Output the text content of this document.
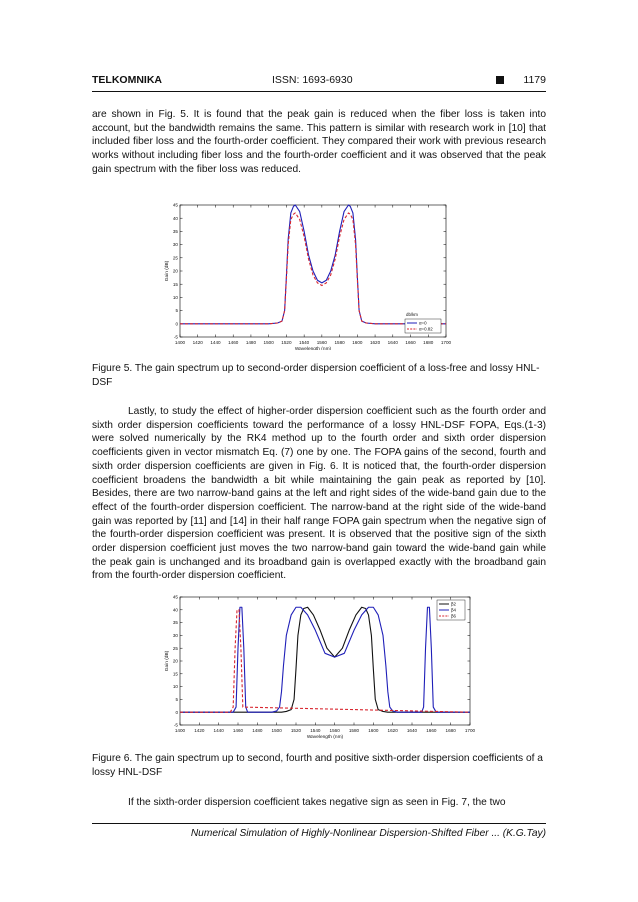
TELKOMNIKA	ISSN: 1693-6930	1179
are shown in Fig. 5. It is found that the peak gain is reduced when the fiber loss is taken into account, but the bandwidth remains the same. This pattern is similar with research work in [10] that included fiber loss and the fourth-order coefficient. They compared their work with previous research works without including fiber loss and the fourth-order coefficient and it was observed that the peak gain spectrum with the fiber loss was reduced.
1400 1420 1440 1460 1480 1500 1520 1540 1560 1580 1600 1620 1640 1660 1680 1700
-5
0
5
10
15
20
25
30
35
40
45
Wavelength (nm)
Gain (dB)
db/km
α=0
α=0.82
Figure 5. The gain spectrum up to second-order dispersion coefficient of a loss-free and lossy HNL-DSF
Lastly, to study the effect of higher-order dispersion coefficient such as the fourth order and sixth order dispersion coefficients toward the performance of a lossy HNL-DSF FOPA, Eqs.(1-3) were solved numerically by the RK4 method up to the fourth order and sixth order dispersion coefficients given in vector mismatch Eq. (7) one by one. The FOPA gains of the second, fourth and sixth order dispersion coefficients are given in Fig. 6. It is noticed that, the fourth-order dispersion coefficient broadens the bandwidth a bit while maintaining the gain peak as reported by [10]. Besides, there are two narrow-band gains at the left and right sides of the wide-band gain due to the effect of the fourth-order dispersion coefficient. The narrow-band at the right side of the wide-band gain was reported by [11] and [14] in their half range FOPA gain spectrum when the negative sign of the fourth-order dispersion coefficient was present. It is observed that the positive sign of the sixth order dispersion coefficient just moves the two narrow-band gain toward the wide-band gain while the peak gain is unchanged and its broadband gain is overlapped exactly with the broadband gain from the fourth-order dispersion coefficient.
1400 1420 1440 1460 1480 1500 1520 1540 1560 1580 1600 1620 1640 1660 1680 1700
-5
0
5
10
15
20
25
30
35
40
45
Wavelength (nm)
Gain (dB)
β2
β4
β6
Figure 6. The gain spectrum up to second, fourth and positive sixth-order dispersion coefficients of a lossy HNL-DSF
If the sixth-order dispersion coefficient takes negative sign as seen in Fig. 7, the two
Numerical Simulation of Highly-Nonlinear Dispersion-Shifted Fiber ... (K.G.Tay)
